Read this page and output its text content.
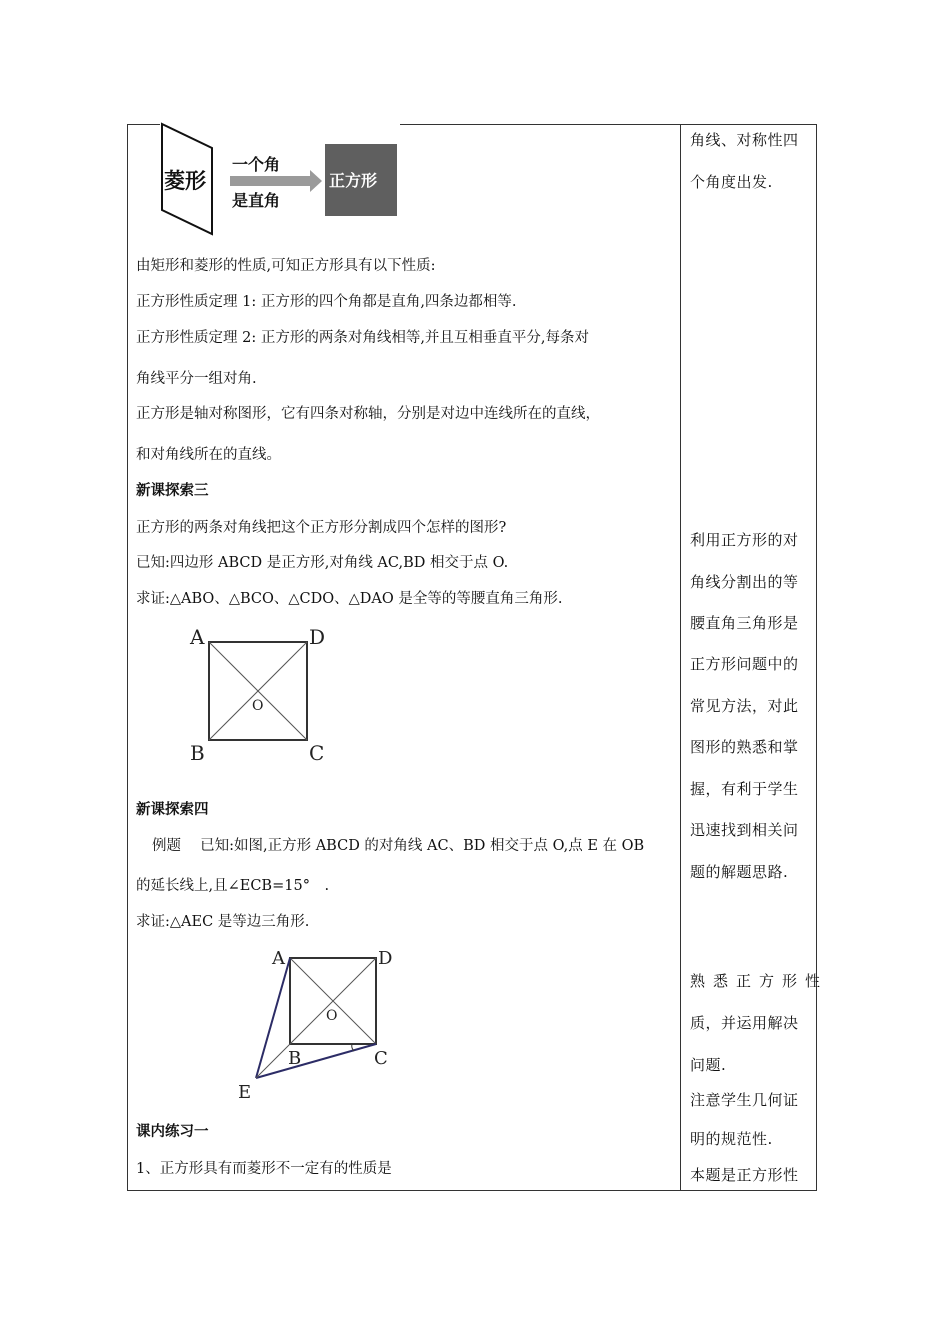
菱形
一个角
是直角
正方形
由矩形和菱形的性质,可知正方形具有以下性质:
正方形性质定理 1: 正方形的四个角都是直角,四条边都相等.
正方形性质定理 2: 正方形的两条对角线相等,并且互相垂直平分,每条对
角线平分一组对角.
正方形是轴对称图形，它有四条对称轴，分别是对边中连线所在的直线，
和对角线所在的直线。
新课探索三
正方形的两条对角线把这个正方形分割成四个怎样的图形?
已知:四边形 ABCD 是正方形,对角线 AC,BD 相交于点 O.
求证:△ABO、△BCO、△CDO、△DAO 是全等的等腰直角三角形.
A	D
B	C
O
新课探索四
例题　 已知:如图,正方形 ABCD 的对角线 AC、BD 相交于点 O,点 E 在 OB
的延长线上,且∠ECB=15°　.
求证:△AEC 是等边三角形.
A	D
B	C
O
E
课内练习一
1、正方形具有而菱形不一定有的性质是
角线、对称性四
个角度出发.
利用正方形的对
角线分割出的等
腰直角三角形是
正方形问题中的
常见方法，对此
图形的熟悉和掌
握，有利于学生
迅速找到相关问
题的解题思路.
熟悉正方形性
质，并运用解决
问题.
注意学生几何证
明的规范性.
本题是正方形性
